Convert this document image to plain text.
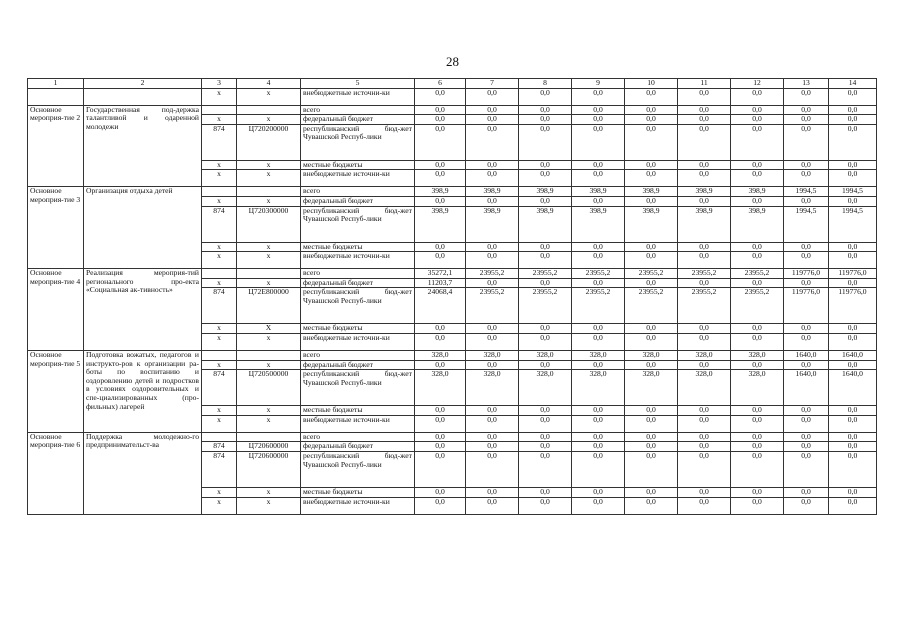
28
1	2	3	4	5	6	7	8	9	10	11	12	13	14
		х	х	внебюджетные источни-ки	0,0	0,0	0,0	0,0	0,0	0,0	0,0	0,0	0,0
Основное мероприя-тие 2	Государственная под-держка талантливой и одаренной молодежи			всего	0,0	0,0	0,0	0,0	0,0	0,0	0,0	0,0	0,0
		х	х	федеральный бюджет	0,0	0,0	0,0	0,0	0,0	0,0	0,0	0,0	0,0
		874	Ц720200000	республиканский бюд-жет Чувашской Респуб-лики	0,0	0,0	0,0	0,0	0,0	0,0	0,0	0,0	0,0
		х	х	местные бюджеты	0,0	0,0	0,0	0,0	0,0	0,0	0,0	0,0	0,0
		х	х	внебюджетные источни-ки	0,0	0,0	0,0	0,0	0,0	0,0	0,0	0,0	0,0
Основное мероприя-тие 3	Организация отдыха детей			всего	398,9	398,9	398,9	398,9	398,9	398,9	398,9	1994,5	1994,5
		х	х	федеральный бюджет	0,0	0,0	0,0	0,0	0,0	0,0	0,0	0,0	0,0
		874	Ц720300000	республиканский бюд-жет Чувашской Респуб-лики	398,9	398,9	398,9	398,9	398,9	398,9	398,9	1994,5	1994,5
		х	х	местные бюджеты	0,0	0,0	0,0	0,0	0,0	0,0	0,0	0,0	0,0
		х	х	внебюджетные источни-ки	0,0	0,0	0,0	0,0	0,0	0,0	0,0	0,0	0,0
Основное мероприя-тие 4	Реализация мероприя-тий регионального про-екта «Социальная ак-тивность»			всего	35272,1	23955,2	23955,2	23955,2	23955,2	23955,2	23955,2	119776,0	119776,0
		х	х	федеральный бюджет	11203,7	0,0	0,0	0,0	0,0	0,0	0,0	0,0	0,0
		874	Ц72Е800000	республиканский бюд-жет Чувашской Респуб-лики	24068,4	23955,2	23955,2	23955,2	23955,2	23955,2	23955,2	119776,0	119776,0
		х	Х	местные бюджеты	0,0	0,0	0,0	0,0	0,0	0,0	0,0	0,0	0,0
		х	х	внебюджетные источни-ки	0,0	0,0	0,0	0,0	0,0	0,0	0,0	0,0	0,0
Основное мероприя-тие 5	Подготовка вожатых, педагогов и инструкто-ров к организации ра-боты по воспитанию и оздоровлению детей и подростков в условиях оздоровительных и спе-циализированных (про-фильных) лагерей			всего	328,0	328,0	328,0	328,0	328,0	328,0	328,0	1640,0	1640,0
		х	х	федеральный бюджет	0,0	0,0	0,0	0,0	0,0	0,0	0,0	0,0	0,0
		874	Ц720500000	республиканский бюд-жет Чувашской Респуб-лики	328,0	328,0	328,0	328,0	328,0	328,0	328,0	1640,0	1640,0
		х	х	местные бюджеты	0,0	0,0	0,0	0,0	0,0	0,0	0,0	0,0	0,0
		х	х	внебюджетные источни-ки	0,0	0,0	0,0	0,0	0,0	0,0	0,0	0,0	0,0
Основное мероприя-тие 6	Поддержка молодежно-го предпринимательст-ва			всего	0,0	0,0	0,0	0,0	0,0	0,0	0,0	0,0	0,0
		874	Ц720600000	федеральный бюджет	0,0	0,0	0,0	0,0	0,0	0,0	0,0	0,0	0,0
		874	Ц720600000	республиканский бюд-жет Чувашской Респуб-лики	0,0	0,0	0,0	0,0	0,0	0,0	0,0	0,0	0,0
		х	х	местные бюджеты	0,0	0,0	0,0	0,0	0,0	0,0	0,0	0,0	0,0
		х	х	внебюджетные источни-ки	0,0	0,0	0,0	0,0	0,0	0,0	0,0	0,0	0,0
